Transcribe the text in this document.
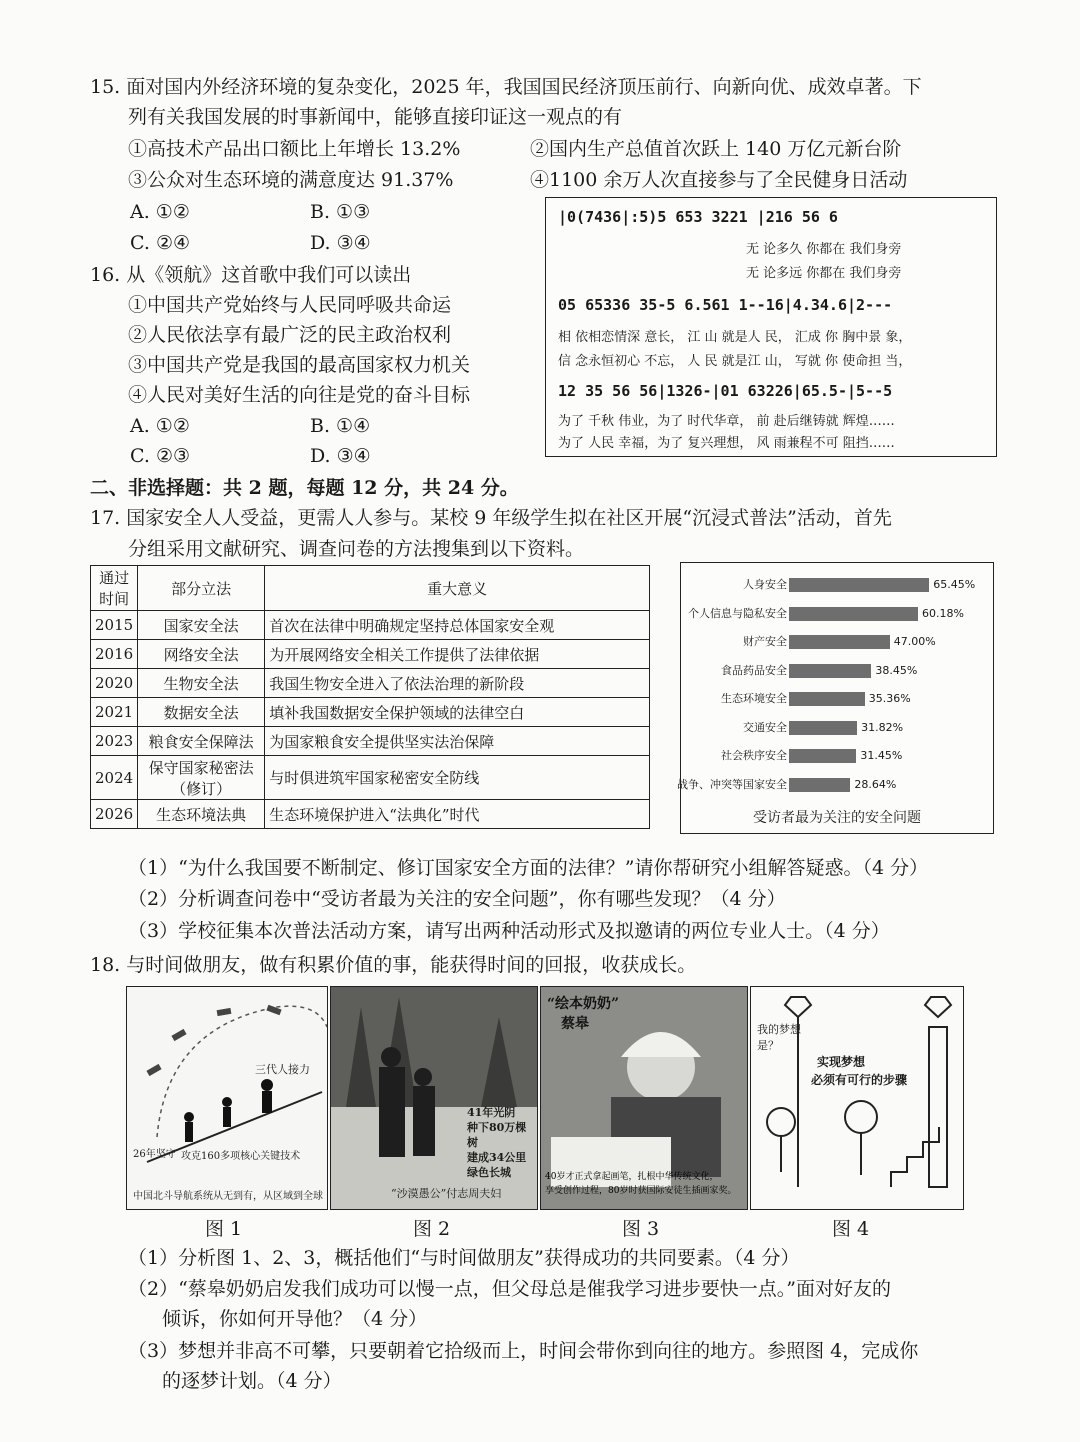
15. 面对国内外经济环境的复杂变化，2025 年，我国国民经济顶压前行、向新向优、成效卓著。下
列有关我国发展的时事新闻中，能够直接印证这一观点的有
①高技术产品出口额比上年增长 13.2%	②国内生产总值首次跃上 140 万亿元新台阶
③公众对生态环境的满意度达 91.37%	④1100 余万人次直接参与了全民健身日活动
A. ①②	B. ①③
C. ②④	D. ③④
|0(7436|:5)5 653 3221 |216 56 6
无 论多久 你都在 我们身旁
无 论多远 你都在 我们身旁
05 65336 35-5 6.561 1--16|4.34.6|2---
相 依相恋情深 意长， 江 山 就是人 民， 汇成 你 胸中景 象，
信 念永恒初心 不忘， 人 民 就是江 山， 写就 你 使命担 当，
12 35 56 56|1326-|01 63226|65.5-|5--5
为了 千秋 伟业，为了 时代华章， 前 赴后继铸就 辉煌……
为了 人民 幸福，为了 复兴理想， 风 雨兼程不可 阻挡……
16. 从《领航》这首歌中我们可以读出
①中国共产党始终与人民同呼吸共命运
②人民依法享有最广泛的民主政治权利
③中国共产党是我国的最高国家权力机关
④人民对美好生活的向往是党的奋斗目标
A. ①②	B. ①④
C. ②③	D. ③④
二、非选择题：共 2 题，每题 12 分，共 24 分。
17. 国家安全人人受益，更需人人参与。某校 9 年级学生拟在社区开展“沉浸式普法”活动，首先
分组采用文献研究、调查问卷的方法搜集到以下资料。
通过时间	部分立法	重大意义
2015	国家安全法	首次在法律中明确规定坚持总体国家安全观
2016	网络安全法	为开展网络安全相关工作提供了法律依据
2020	生物安全法	我国生物安全进入了依法治理的新阶段
2021	数据安全法	填补我国数据安全保护领域的法律空白
2023	粮食安全保障法	为国家粮食安全提供坚实法治保障
2024	保守国家秘密法（修订）	与时俱进筑牢国家秘密安全防线
2026	生态环境法典	生态环境保护进入“法典化”时代
人身安全	65.45%
个人信息与隐私安全	60.18%
财产安全	47.00%
食品药品安全	38.45%
生态环境安全	35.36%
交通安全	31.82%
社会秩序安全	31.45%
战争、冲突等国家安全	28.64%
受访者最为关注的安全问题
（1）“为什么我国要不断制定、修订国家安全方面的法律？”请你帮研究小组解答疑惑。（4 分）
（2）分析调查问卷中“受访者最为关注的安全问题”，你有哪些发现？（4 分）
（3）学校征集本次普法活动方案，请写出两种活动形式及拟邀请的两位专业人士。（4 分）
18. 与时间做朋友，做有积累价值的事，能获得时间的回报，收获成长。
三代人接力
26年坚守 攻克160多项核心关键技术
中国北斗导航系统从无到有，从区域到全球
41年光阴
种下80万棵树
建成34公里
绿色长城
“沙漠愚公”付志周夫妇
“绘本奶奶”
蔡皋
40岁才正式拿起画笔，扎根中华传统文化，
享受创作过程，80岁时获国际安徒生插画家奖。
我的梦想
是？
实现梦想
必须有可行的步骤
图 1	图 2	图 3	图 4
（1）分析图 1、2、3，概括他们“与时间做朋友”获得成功的共同要素。（4 分）
（2）“蔡皋奶奶启发我们成功可以慢一点，但父母总是催我学习进步要快一点。”面对好友的
倾诉，你如何开导他？（4 分）
（3）梦想并非高不可攀，只要朝着它拾级而上，时间会带你到向往的地方。参照图 4，完成你
的逐梦计划。（4 分）
